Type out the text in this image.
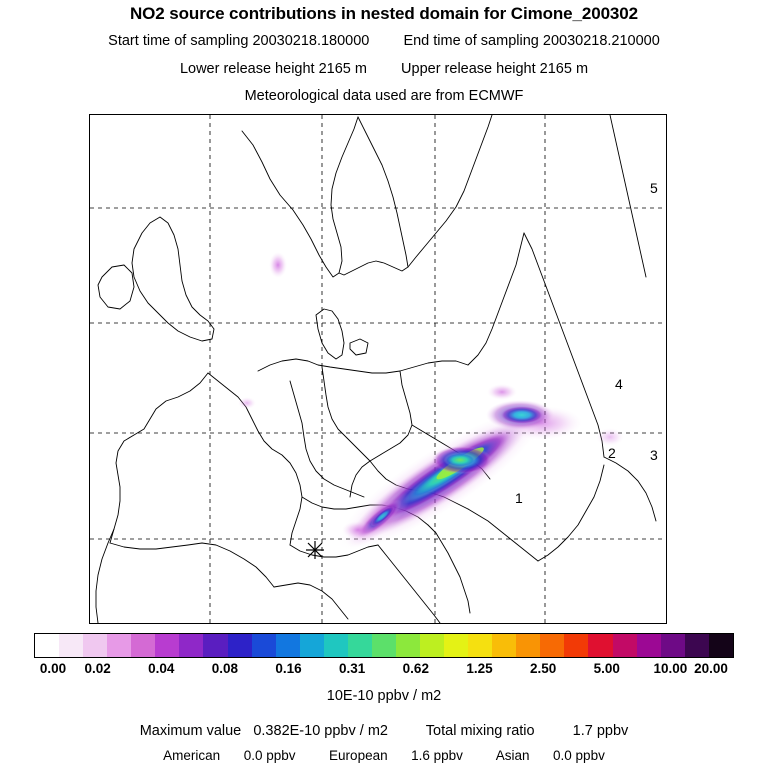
NO2 source contributions in nested domain for Cimone_200302
Start time of sampling 20030218.180000 End time of sampling 20030218.210000
Lower release height 2165 m Upper release height 2165 m
Meteorological data used are from ECMWF
5
4
3
2
1
0.00 0.02	0.04	0.08	0.16	0.31	0.62	1.25	2.50	5.00 10.00 20.00
10E-10 ppbv / m2
Maximum value 0.382E-10 ppbv / m2	Total mixing ratio	1.7 ppbv
American 0.0 ppbv European 1.6 ppbv Asian 0.0 ppbv
